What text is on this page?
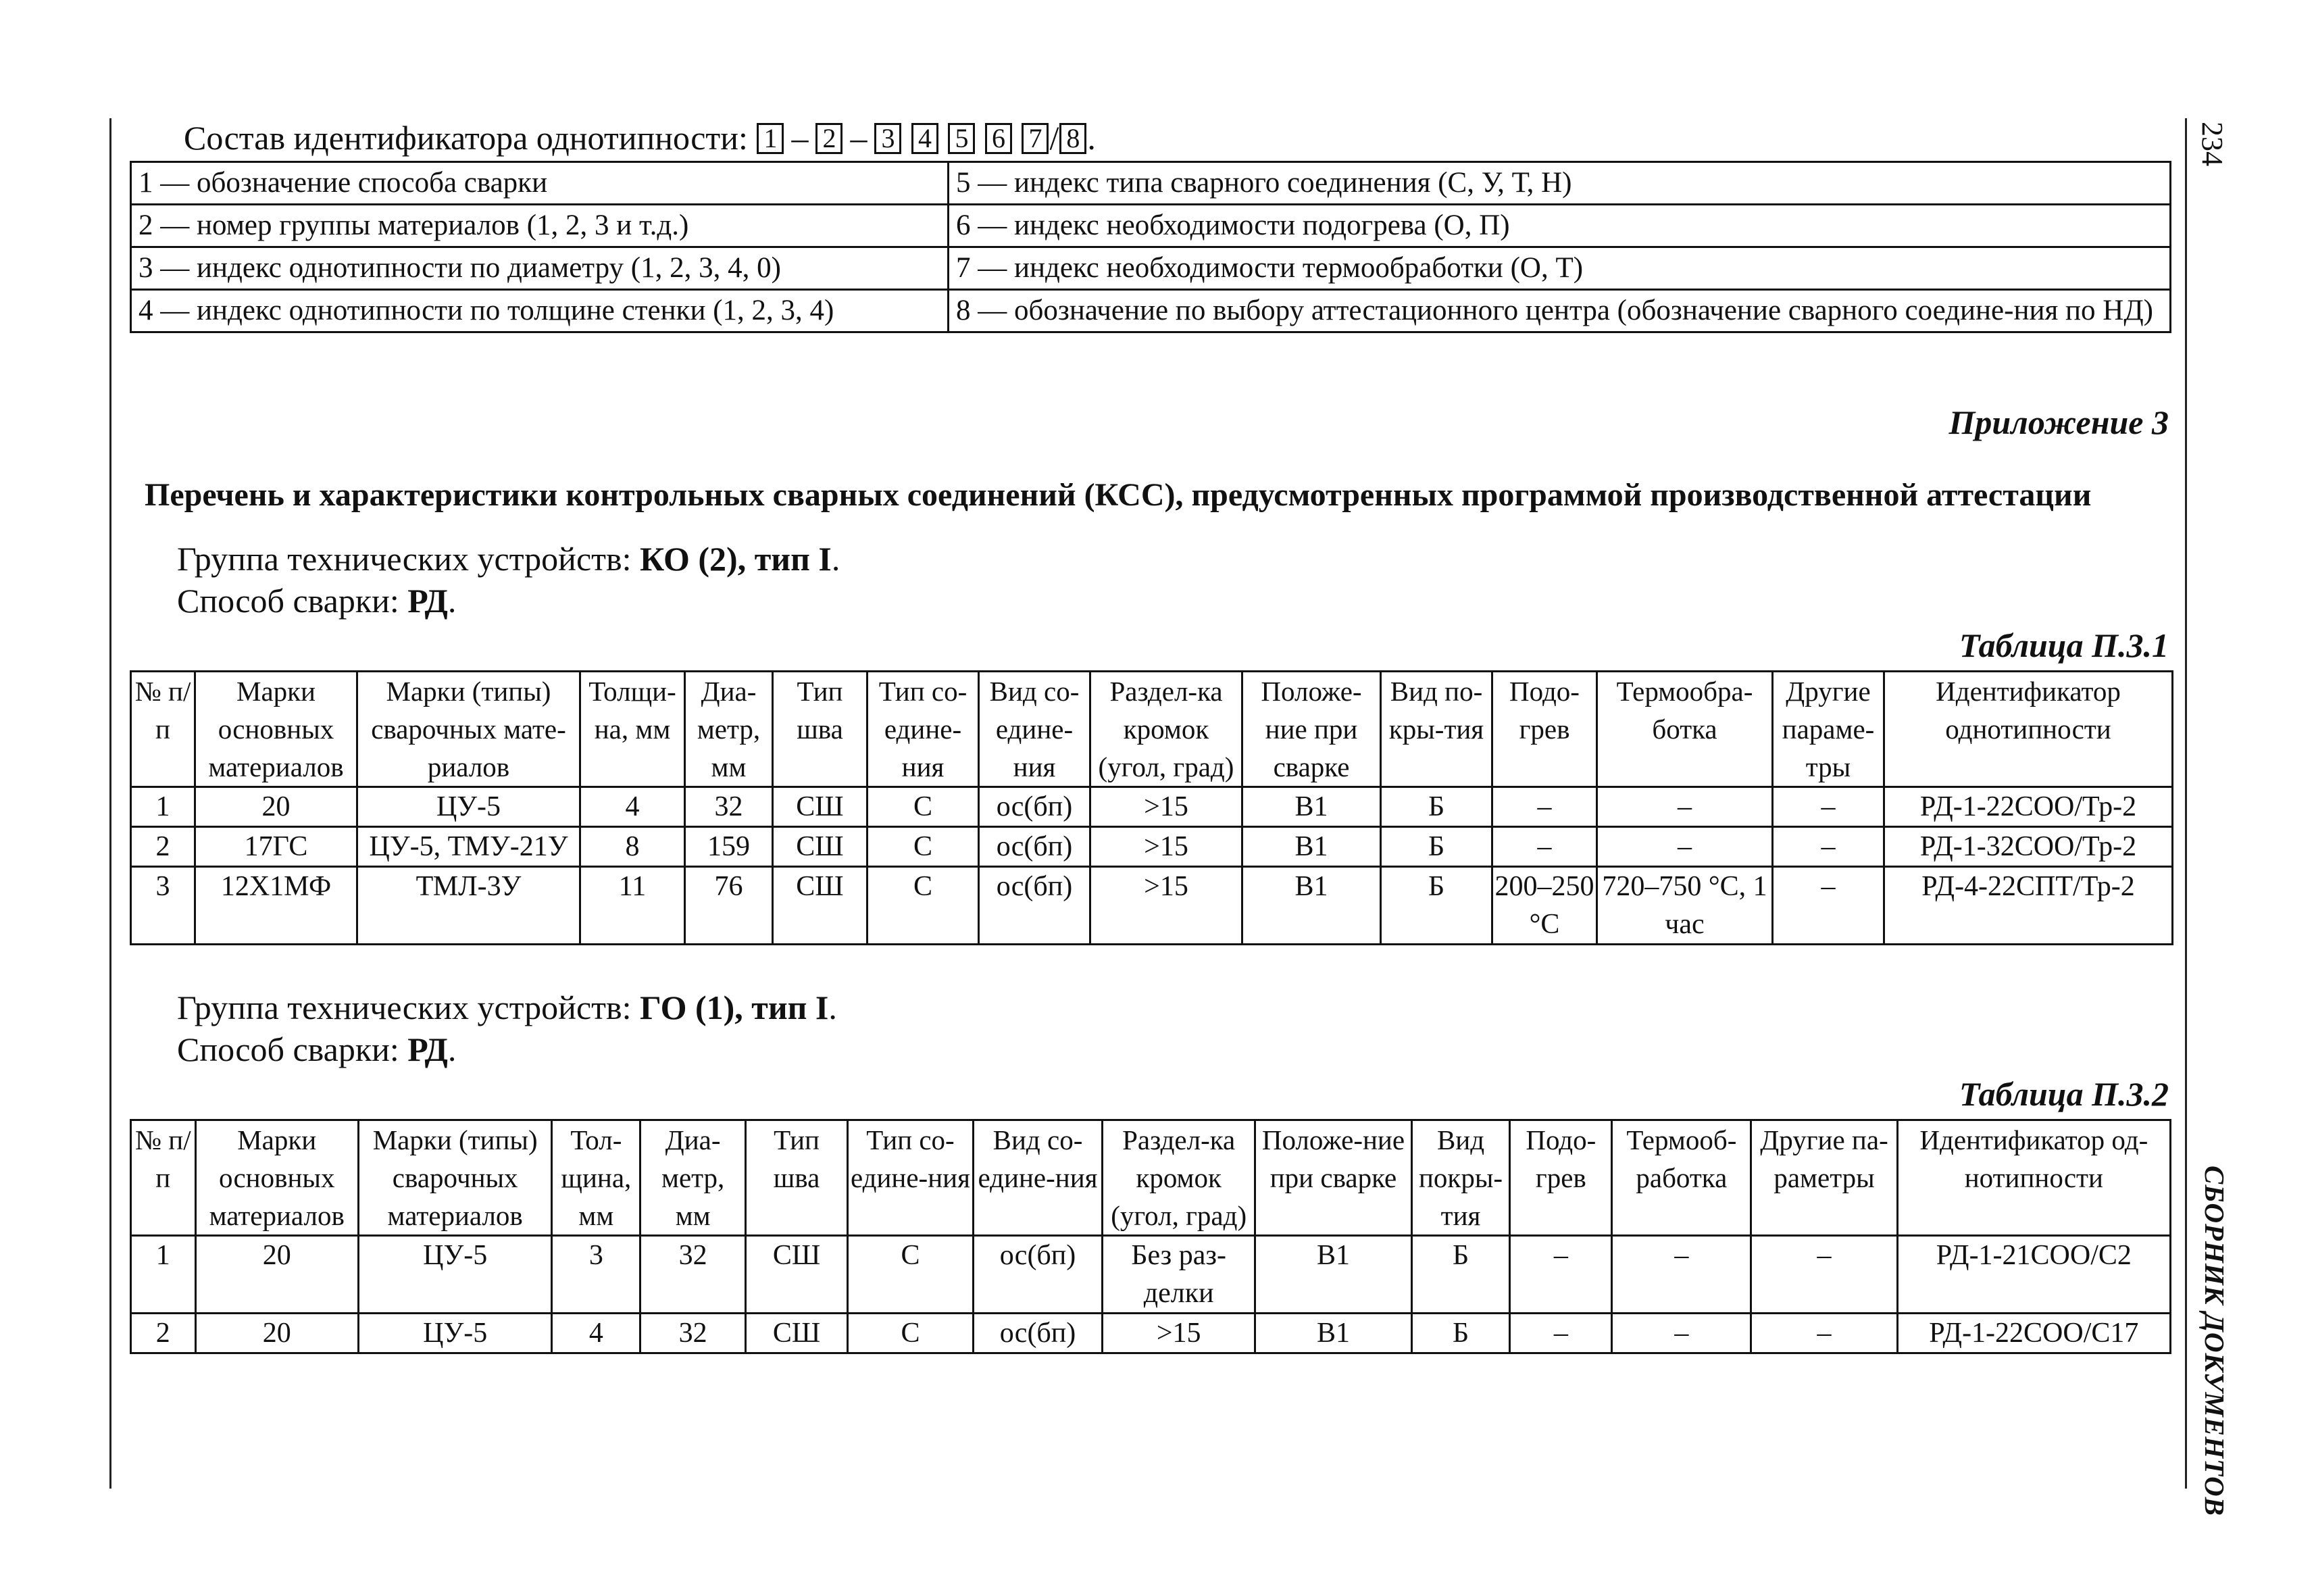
234
СБОРНИК ДОКУМЕНТОВ
Состав идентификатора однотипности: 1 – 2 – 3 4 5 6 7 / 8 .
1 — обозначение способа сварки	5 — индекс типа сварного соединения (С, У, Т, Н)
2 — номер группы материалов (1, 2, 3 и т.д.)	6 — индекс необходимости подогрева (О, П)
3 — индекс однотипности по диаметру (1, 2, 3, 4, 0)	7 — индекс необходимости термообработки (О, Т)
4 — индекс однотипности по толщине стенки (1, 2, 3, 4)	8 — обозначение по выбору аттестационного центра (обозначение сварного соедине-ния по НД)
Приложение 3
Перечень и характеристики контрольных сварных соединений (КСС), предусмотренных программой производственной аттестации
Группа технических устройств: КО (2), тип I.
Способ сварки: РД.
Таблица П.3.1
№ п/п	Марки основных материалов	Марки (типы) сварочных мате-риалов	Толщи-на, мм	Диа-метр, мм	Тип шва	Тип со-едине-ния	Вид со-едине-ния	Раздел-ка кромок (угол, град)	Положе-ние при сварке	Вид по-кры-тия	Подо-грев	Термообра-ботка	Другие параме-тры	Идентификатор однотипности
1	20	ЦУ-5	4	32	СШ	С	ос(бп)	>15	В1	Б	–	–	–	РД-1-22СОО/Тр-2
2	17ГС	ЦУ-5, ТМУ-21У	8	159	СШ	С	ос(бп)	>15	В1	Б	–	–	–	РД-1-32СОО/Тр-2
3	12Х1МФ	ТМЛ-3У	11	76	СШ	С	ос(бп)	>15	В1	Б	200–250 °С	720–750 °С, 1 час	–	РД-4-22СПТ/Тр-2
Группа технических устройств: ГО (1), тип I.
Способ сварки: РД.
Таблица П.3.2
№ п/п	Марки основных материалов	Марки (типы) сварочных материалов	Тол-щина, мм	Диа-метр, мм	Тип шва	Тип со-едине-ния	Вид со-едине-ния	Раздел-ка кромок (угол, град)	Положе-ние при сварке	Вид покры-тия	Подо-грев	Термооб-работка	Другие па-раметры	Идентификатор од-нотипности
1	20	ЦУ-5	3	32	СШ	С	ос(бп)	Без раз-делки	В1	Б	–	–	–	РД-1-21СОО/С2
2	20	ЦУ-5	4	32	СШ	С	ос(бп)	>15	В1	Б	–	–	–	РД-1-22СОО/С17
